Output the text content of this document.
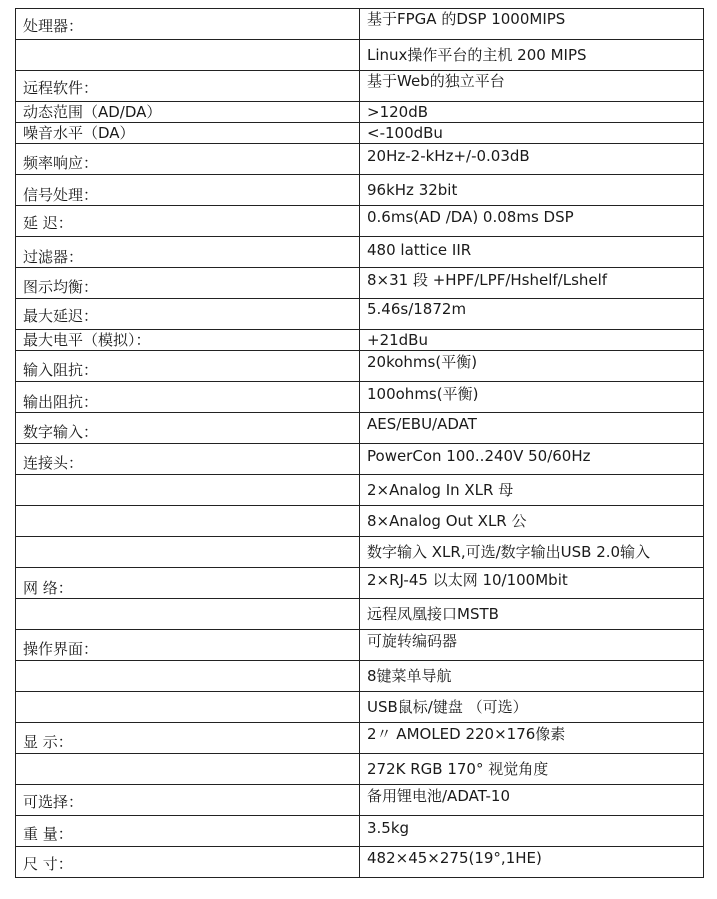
处理器：	基于FPGA 的DSP 1000MIPS
	Linux操作平台的主机 200 MIPS
远程软件：	基于Web的独立平台
动态范围（AD/DA）	>120dB
噪音水平（DA）	<-100dBu
频率响应：	20Hz-2-kHz+/-0.03dB
信号处理：	96kHz 32bit
延 迟：	0.6ms(AD /DA) 0.08ms DSP
过滤器：	480 lattice IIR
图示均衡：	8×31 段 +HPF/LPF/Hshelf/Lshelf
最大延迟：	5.46s/1872m
最大电平（模拟）：	+21dBu
输入阻抗：	20kohms(平衡)
输出阻抗：	100ohms(平衡)
数字输入：	AES/EBU/ADAT
连接头：	PowerCon 100..240V 50/60Hz
	2×Analog In XLR 母
	8×Analog Out XLR 公
	数字输入 XLR,可选/数字输出USB 2.0输入
网 络：	2×RJ-45 以太网 10/100Mbit
	远程凤凰接口MSTB
操作界面：	可旋转编码器
	8键菜单导航
	USB鼠标/键盘 （可选）
显 示：	2〃 AMOLED 220×176像素
	272K RGB 170° 视觉角度
可选择：	备用锂电池/ADAT-10
重 量：	3.5kg
尺 寸：	482×45×275(19°,1HE)
